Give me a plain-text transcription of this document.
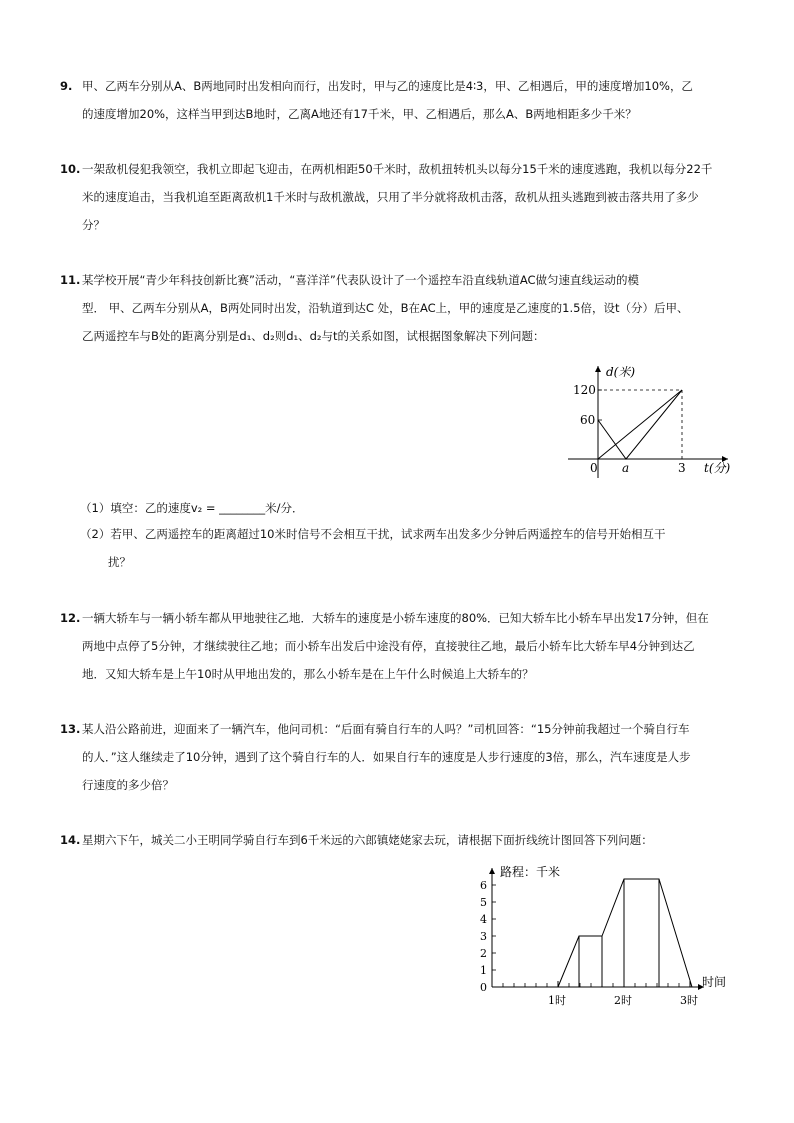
9. 甲、乙两车分别从A、B两地同时出发相向而行，出发时，甲与乙的速度比是4∶3，甲、乙相遇后，甲的速度增加10%，乙
的速度增加20%，这样当甲到达B地时，乙离A地还有17千米，甲、乙相遇后，那么A、B两地相距多少千米？
10. 一架敌机侵犯我领空，我机立即起飞迎击，在两机相距50千米时，敌机扭转机头以每分15千米的速度逃跑，我机以每分22千
米的速度追击，当我机追至距离敌机1千米时与敌机激战，只用了半分就将敌机击落，敌机从扭头逃跑到被击落共用了多少
分？
11. 某学校开展“青少年科技创新比赛”活动，“喜洋洋”代表队设计了一个遥控车沿直线轨道AC做匀速直线运动的模
型． 甲、乙两车分别从A，B两处同时出发，沿轨道到达C 处，B在AC上，甲的速度是乙速度的1.5倍，设t（分）后甲、
乙两遥控车与B处的距离分别是d₁、d₂则d₁、d₂与t的关系如图，试根据图象解决下列问题：
d(米)
120
60
0 a	3 t(分)
（1）填空：乙的速度v₂ = ________米/分．
（2）若甲、乙两遥控车的距离超过10米时信号不会相互干扰，试求两车出发多少分钟后两遥控车的信号开始相互干
扰？
12. 一辆大轿车与一辆小轿车都从甲地驶往乙地．大轿车的速度是小轿车速度的80%．已知大轿车比小轿车早出发17分钟，但在
两地中点停了5分钟，才继续驶往乙地；而小轿车出发后中途没有停，直接驶往乙地，最后小轿车比大轿车早4分钟到达乙
地．又知大轿车是上午10时从甲地出发的，那么小轿车是在上午什么时候追上大轿车的？
13. 某人沿公路前进，迎面来了一辆汽车，他问司机：“后面有骑自行车的人吗？”司机回答：“15分钟前我超过一个骑自行车
的人．”这人继续走了10分钟，遇到了这个骑自行车的人．如果自行车的速度是人步行速度的3倍，那么，汽车速度是人步
行速度的多少倍？
14. 星期六下午，城关二小王明同学骑自行车到6千米远的六郎镇姥姥家去玩，请根据下面折线统计图回答下列问题：
路程：千米
6
5
4
3
2
1
0
1时	2时	3时
时间
